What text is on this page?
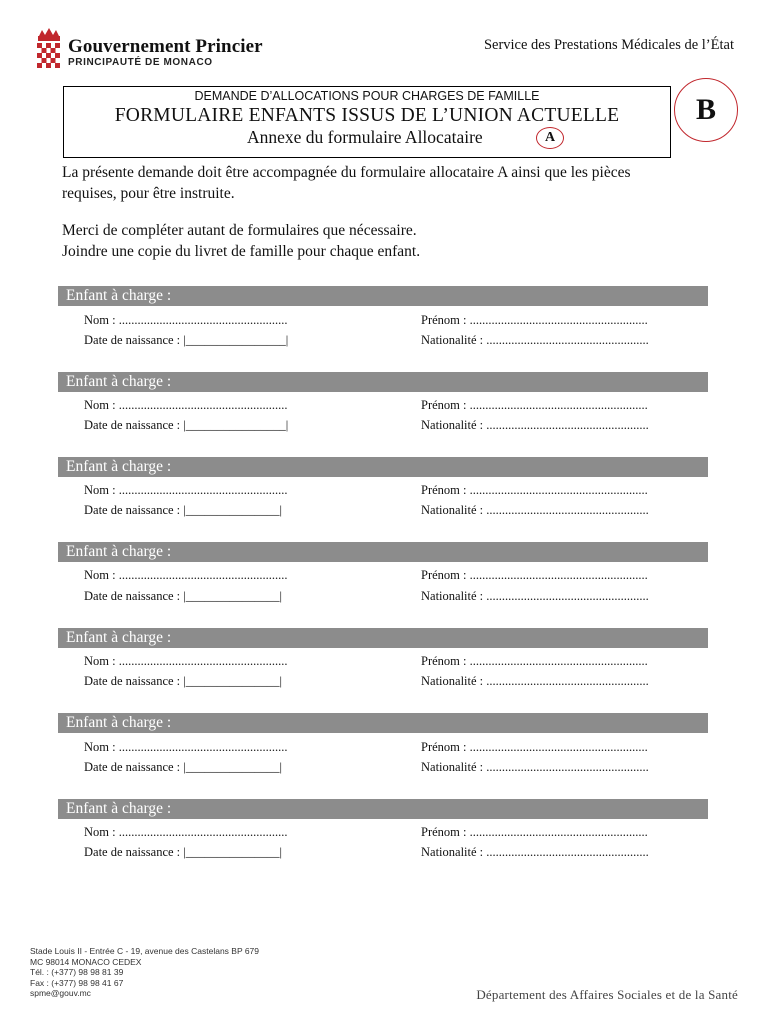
Gouvernement Princier
PRINCIPAUTÉ DE MONACO
Service des Prestations Médicales de l’État
DEMANDE D’ALLOCATIONS POUR CHARGES DE FAMILLE
FORMULAIRE ENFANTS ISSUS DE L’UNION ACTUELLE
Annexe du formulaire Allocataire	A
B

La présente demande doit être accompagnée du formulaire allocataire A ainsi que les pièces

requises, pour être instruite.

Merci de compléter autant de formulaires que nécessaire.

Joindre une copie du livret de famille pour chaque enfant.

Enfant à charge :
Nom : ......................................................	Prénom : .........................................................
Date de naissance : |________________|	Nationalité : ....................................................
Enfant à charge :
Nom : ......................................................	Prénom : .........................................................
Date de naissance : |________________|	Nationalité : ....................................................
Enfant à charge :
Nom : ......................................................	Prénom : .........................................................
Date de naissance : |_______________|	Nationalité : ....................................................
Enfant à charge :
Nom : ......................................................	Prénom : .........................................................
Date de naissance : |_______________|	Nationalité : ....................................................
Enfant à charge :
Nom : ......................................................	Prénom : .........................................................
Date de naissance : |_______________|	Nationalité : ....................................................
Enfant à charge :
Nom : ......................................................	Prénom : .........................................................
Date de naissance : |_______________|	Nationalité : ....................................................
Enfant à charge :
Nom : ......................................................	Prénom : .........................................................
Date de naissance : |_______________|	Nationalité : ....................................................
Stade Louis II - Entrée C - 19, avenue des Castelans BP 679
MC 98014 MONACO CEDEX
Tél. : (+377) 98 98 81 39
Fax : (+377) 98 98 41 67
spme@gouv.mc	Département des Affaires Sociales et de la Santé
